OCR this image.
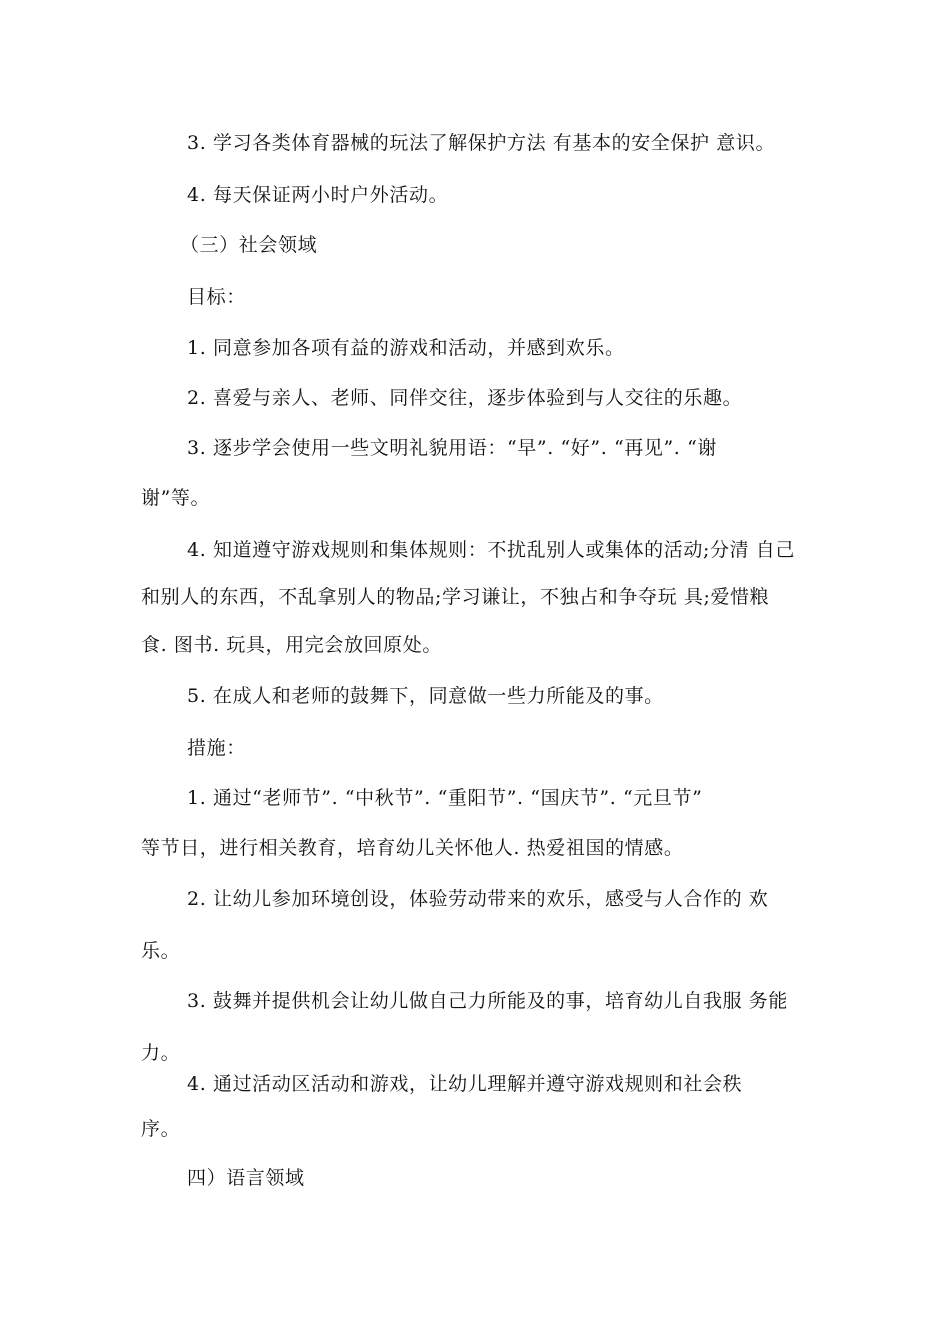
3. 学习各类体育器械的玩法了解保护方法 有基本的安全保护 意识。
4. 每天保证两小时户外活动。
（三）社会领域
目标：
1. 同意参加各项有益的游戏和活动，并感到欢乐。
2. 喜爱与亲人、老师、同伴交往，逐步体验到与人交往的乐趣。
3. 逐步学会使用一些文明礼貌用语：“早”. “好”. “再见”. “谢
谢”等。
4. 知道遵守游戏规则和集体规则：不扰乱别人或集体的活动;分清 自己
和别人的东西，不乱拿别人的物品;学习谦让，不独占和争夺玩 具;爱惜粮
食. 图书. 玩具，用完会放回原处。
5. 在成人和老师的鼓舞下，同意做一些力所能及的事。
措施：
1. 通过“老师节”. “中秋节”. “重阳节”. “国庆节”. “元旦节”
等节日，进行相关教育，培育幼儿关怀他人. 热爱祖国的情感。
2. 让幼儿参加环境创设，体验劳动带来的欢乐，感受与人合作的 欢
乐。
3. 鼓舞并提供机会让幼儿做自己力所能及的事，培育幼儿自我服 务能
力。
4. 通过活动区活动和游戏，让幼儿理解并遵守游戏规则和社会秩
序。
四）语言领域
